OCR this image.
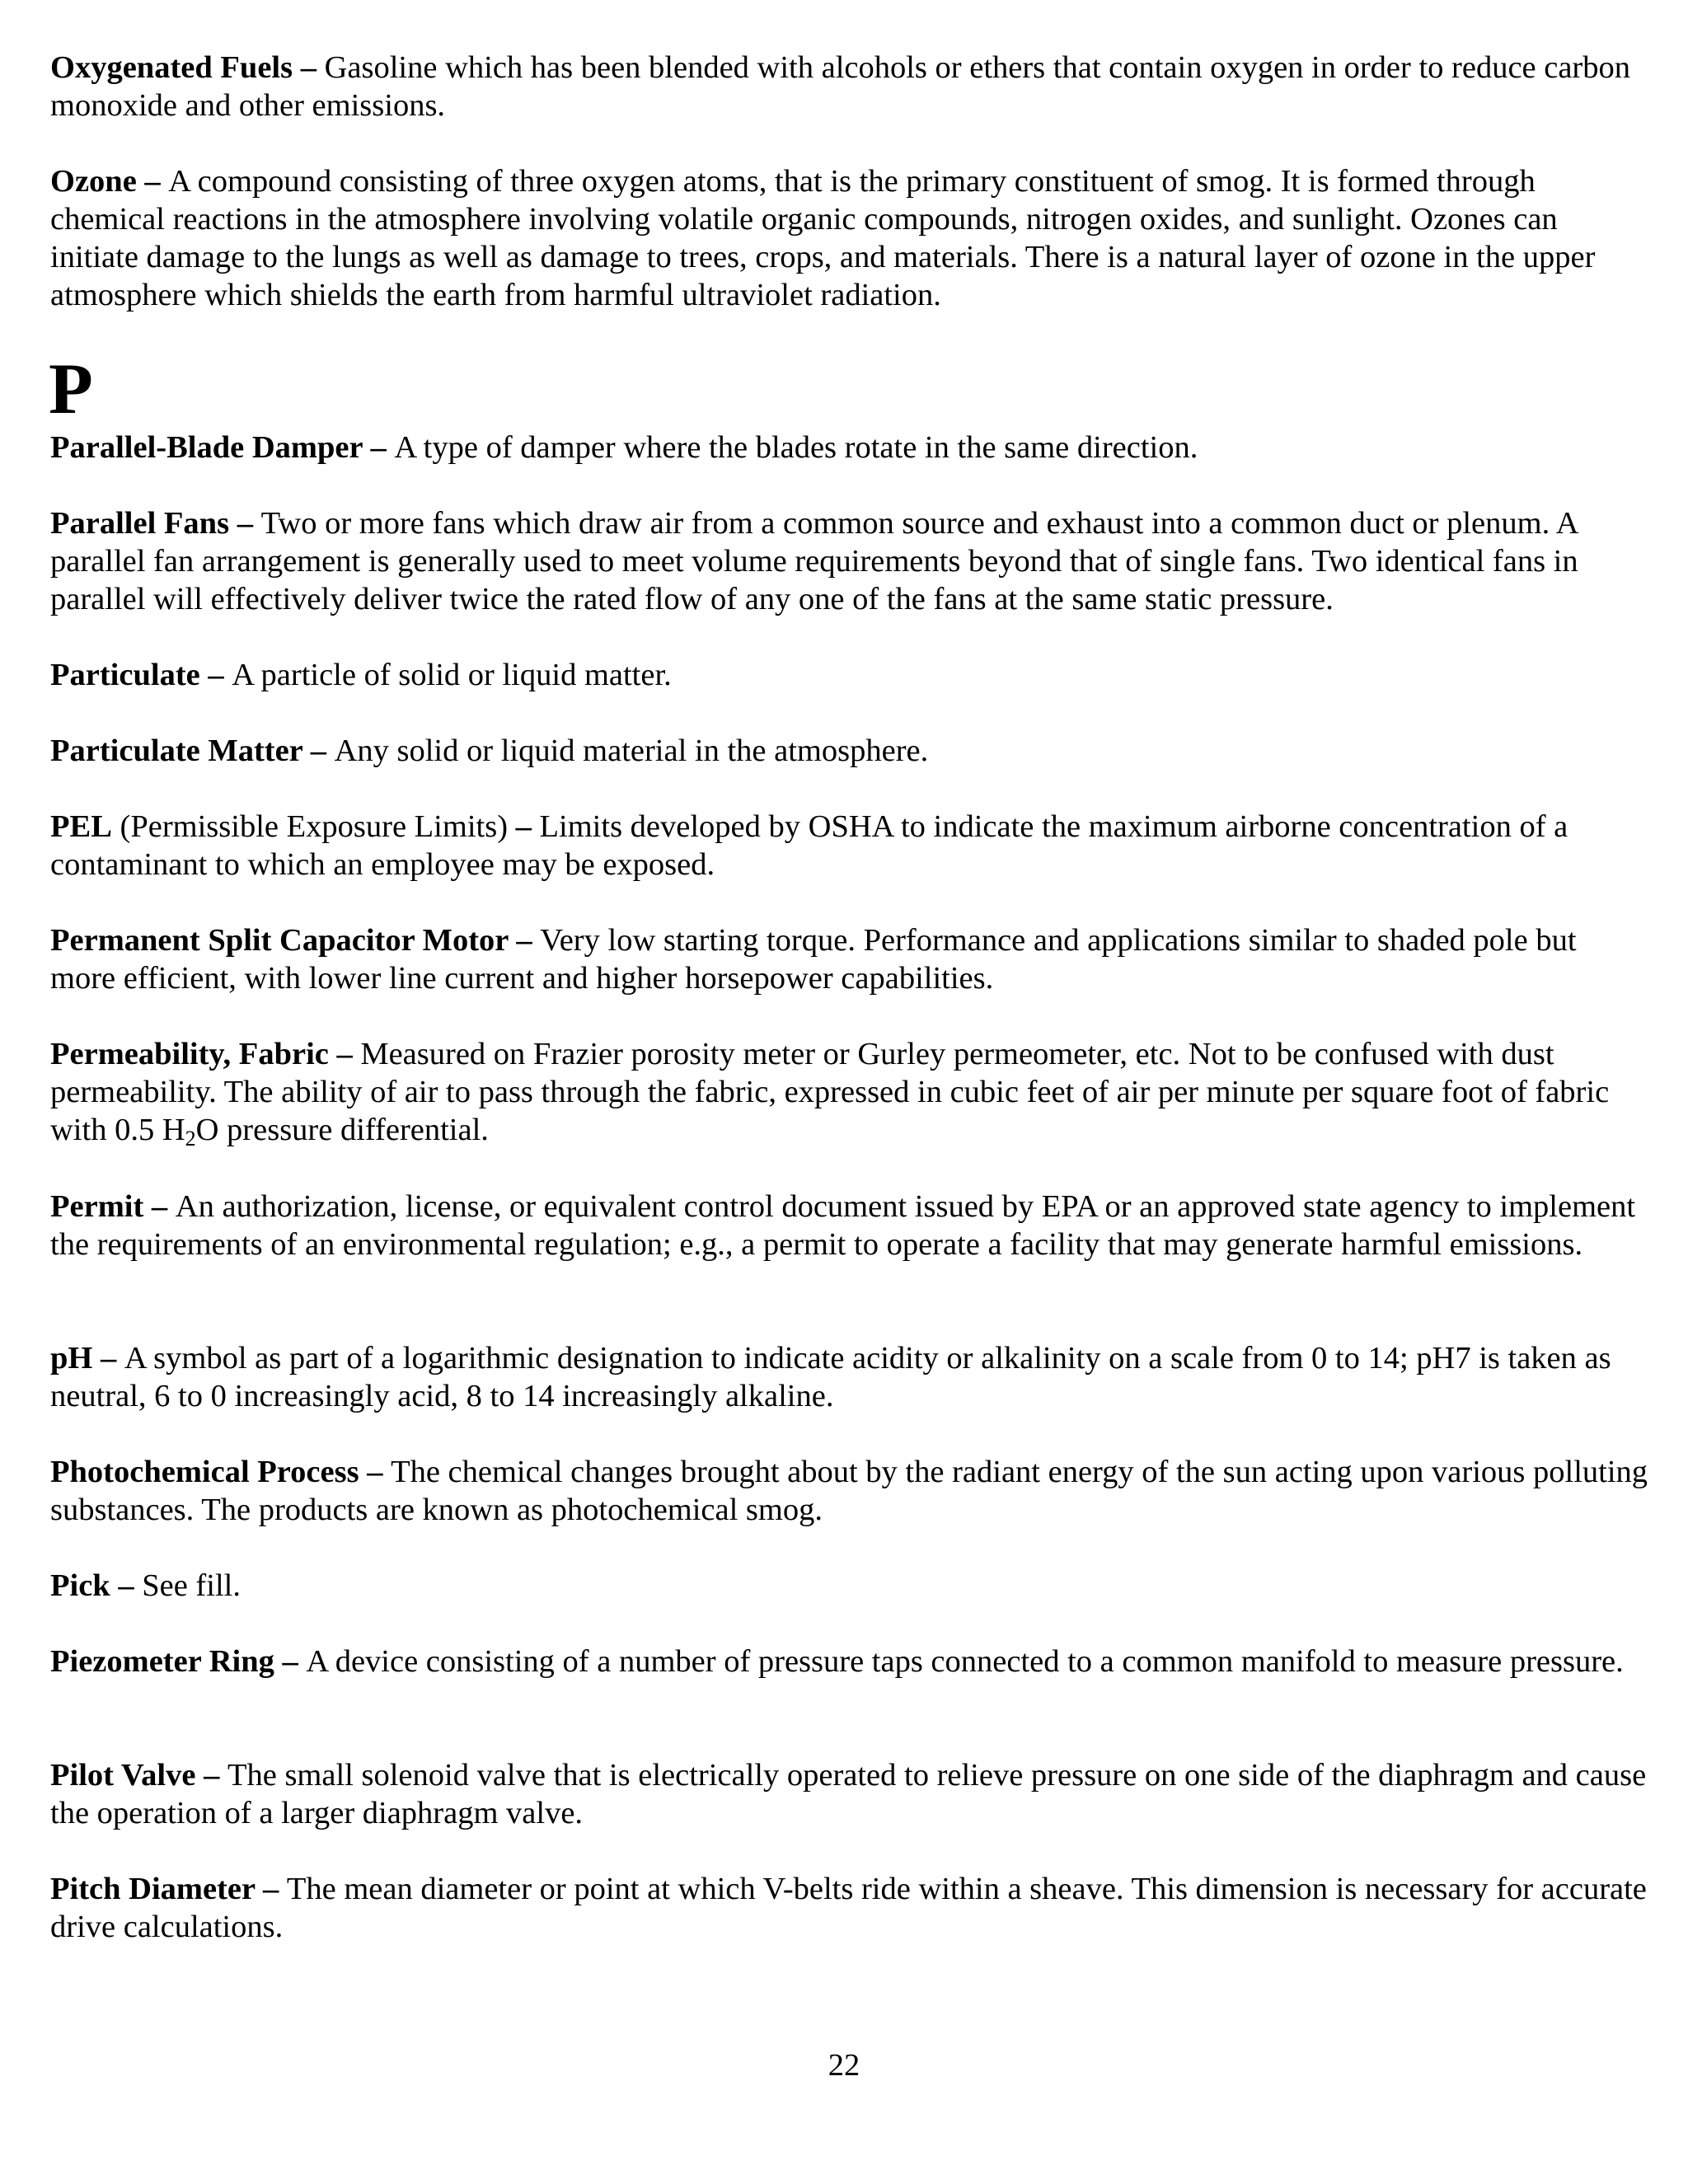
Oxygenated Fuels – Gasoline which has been blended with alcohols or ethers that contain oxygen in order to reduce carbon monoxide and other emissions.

Ozone – A compound consisting of three oxygen atoms, that is the primary constituent of smog. It is formed through chemical reactions in the atmosphere involving volatile organic compounds, nitrogen oxides, and sunlight. Ozones can initiate damage to the lungs as well as damage to trees, crops, and materials. There is a natural layer of ozone in the upper atmosphere which shields the earth from harmful ultraviolet radiation.

P

Parallel-Blade Damper – A type of damper where the blades rotate in the same direction.

Parallel Fans – Two or more fans which draw air from a common source and exhaust into a common duct or plenum. A parallel fan arrangement is generally used to meet volume requirements beyond that of single fans. Two identical fans in parallel will effectively deliver twice the rated flow of any one of the fans at the same static pressure.

Particulate – A particle of solid or liquid matter.

Particulate Matter – Any solid or liquid material in the atmosphere.

PEL (Permissible Exposure Limits) – Limits developed by OSHA to indicate the maximum airborne concentration of a contaminant to which an employee may be exposed.

Permanent Split Capacitor Motor – Very low starting torque. Performance and applications similar to shaded pole but more efficient, with lower line current and higher horsepower capabilities.

Permeability, Fabric – Measured on Frazier porosity meter or Gurley permeometer, etc. Not to be confused with dust permeability. The ability of air to pass through the fabric, expressed in cubic feet of air per minute per square foot of fabric with 0.5 $H_2O$ pressure differential.

Permit – An authorization, license, or equivalent control document issued by EPA or an approved state agency to implement the requirements of an environmental regulation; e.g., a permit to operate a facility that may generate harmful emissions.

pH – A symbol as part of a logarithmic designation to indicate acidity or alkalinity on a scale from 0 to 14; pH7 is taken as neutral, 6 to 0 increasingly acid, 8 to 14 increasingly alkaline.

Photochemical Process – The chemical changes brought about by the radiant energy of the sun acting upon various polluting substances. The products are known as photochemical smog.

Pick – See fill.

Piezometer Ring – A device consisting of a number of pressure taps connected to a common manifold to measure pressure.

Pilot Valve – The small solenoid valve that is electrically operated to relieve pressure on one side of the diaphragm and cause the operation of a larger diaphragm valve.

Pitch Diameter – The mean diameter or point at which V-belts ride within a sheave. This dimension is necessary for accurate drive calculations.

22
